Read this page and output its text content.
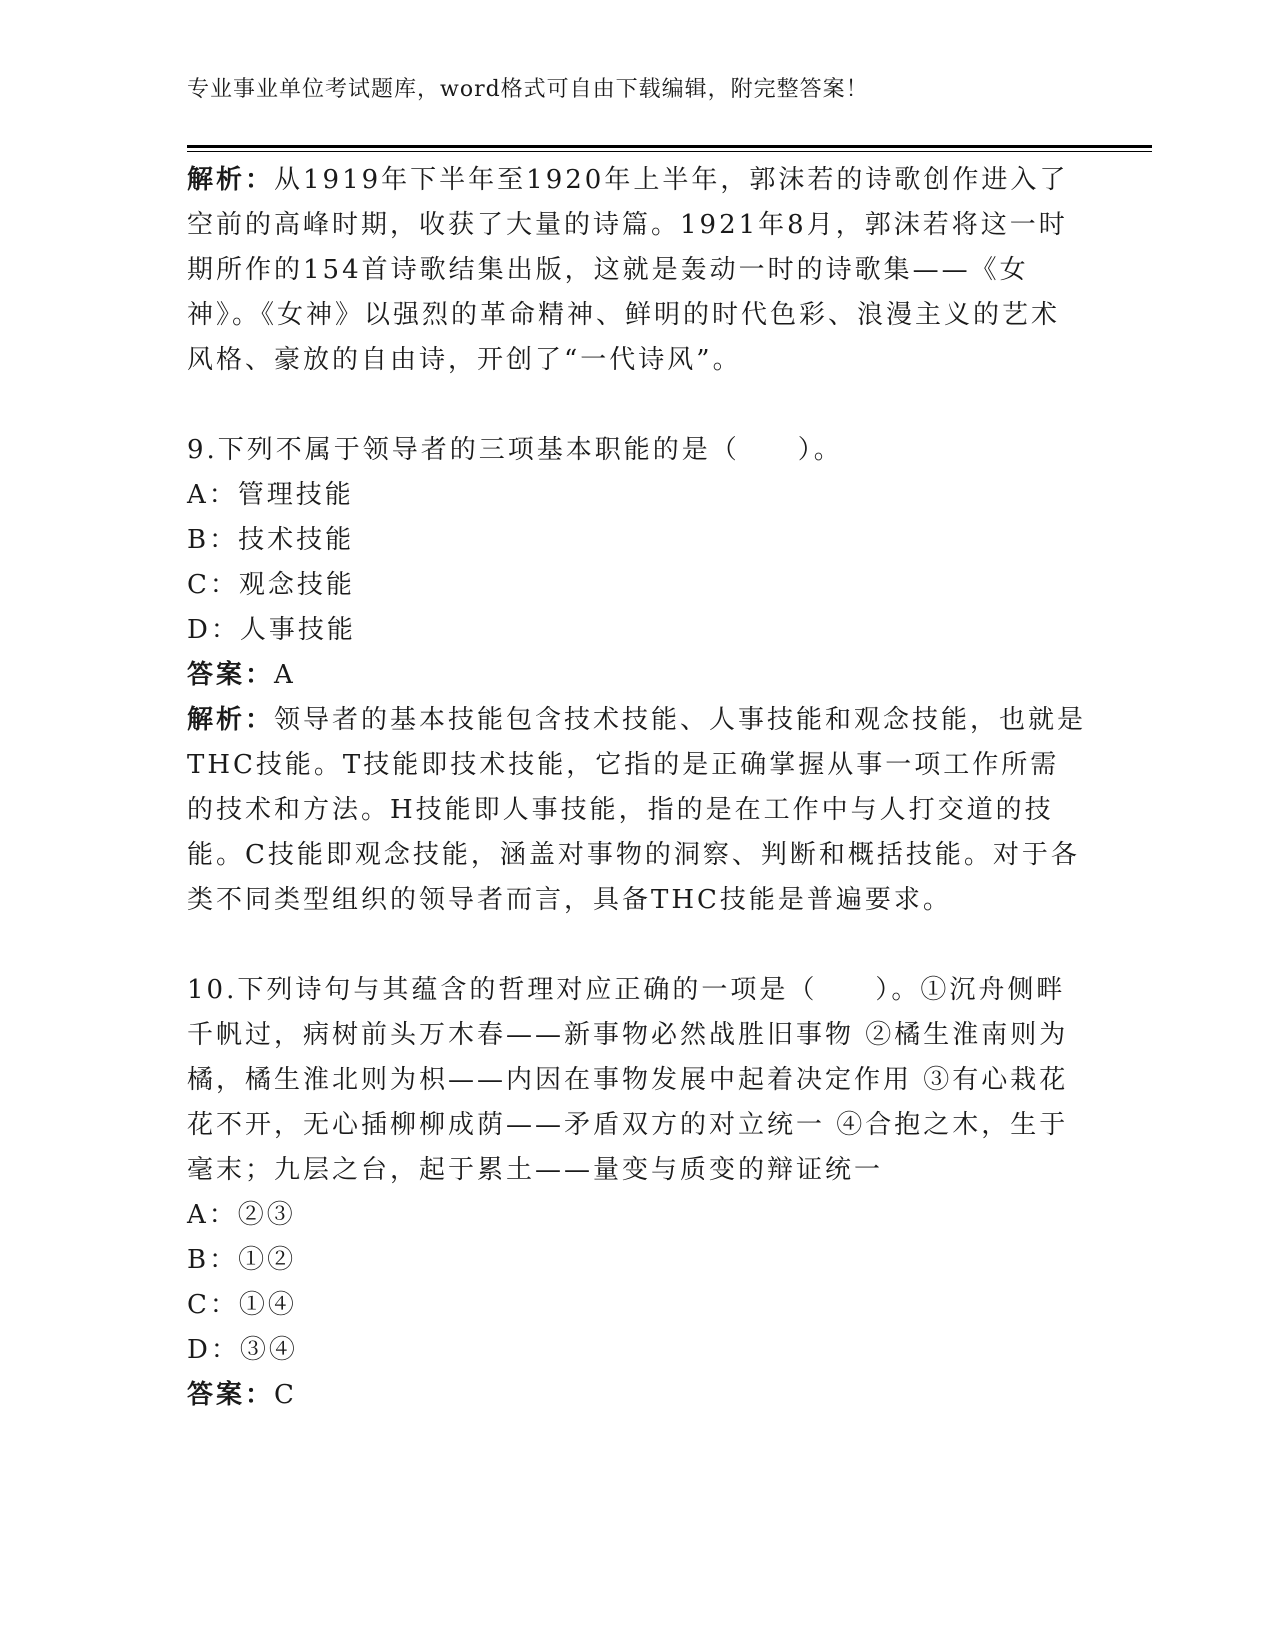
专业事业单位考试题库，word格式可自由下载编辑，附完整答案！

解析：从1919年下半年至1920年上半年，郭沫若的诗歌创作进入了空前的高峰时期，收获了大量的诗篇。1921年8月，郭沫若将这一时期所作的154首诗歌结集出版，这就是轰动一时的诗歌集——《女神》。《女神》以强烈的革命精神、鲜明的时代色彩、浪漫主义的艺术风格、豪放的自由诗，开创了“一代诗风”。

9.下列不属于领导者的三项基本职能的是（　　）。

A：管理技能

B：技术技能

C：观念技能

D：人事技能

答案：A

解析：领导者的基本技能包含技术技能、人事技能和观念技能，也就是THC技能。T技能即技术技能，它指的是正确掌握从事一项工作所需的技术和方法。H技能即人事技能，指的是在工作中与人打交道的技能。C技能即观念技能，涵盖对事物的洞察、判断和概括技能。对于各类不同类型组织的领导者而言，具备THC技能是普遍要求。

10.下列诗句与其蕴含的哲理对应正确的一项是（　　）。①沉舟侧畔千帆过，病树前头万木春——新事物必然战胜旧事物 ②橘生淮南则为橘，橘生淮北则为枳——内因在事物发展中起着决定作用 ③有心栽花花不开，无心插柳柳成荫——矛盾双方的对立统一 ④合抱之木，生于毫末；九层之台，起于累土——量变与质变的辩证统一

A：②③

B：①②

C：①④

D：③④

答案：C
